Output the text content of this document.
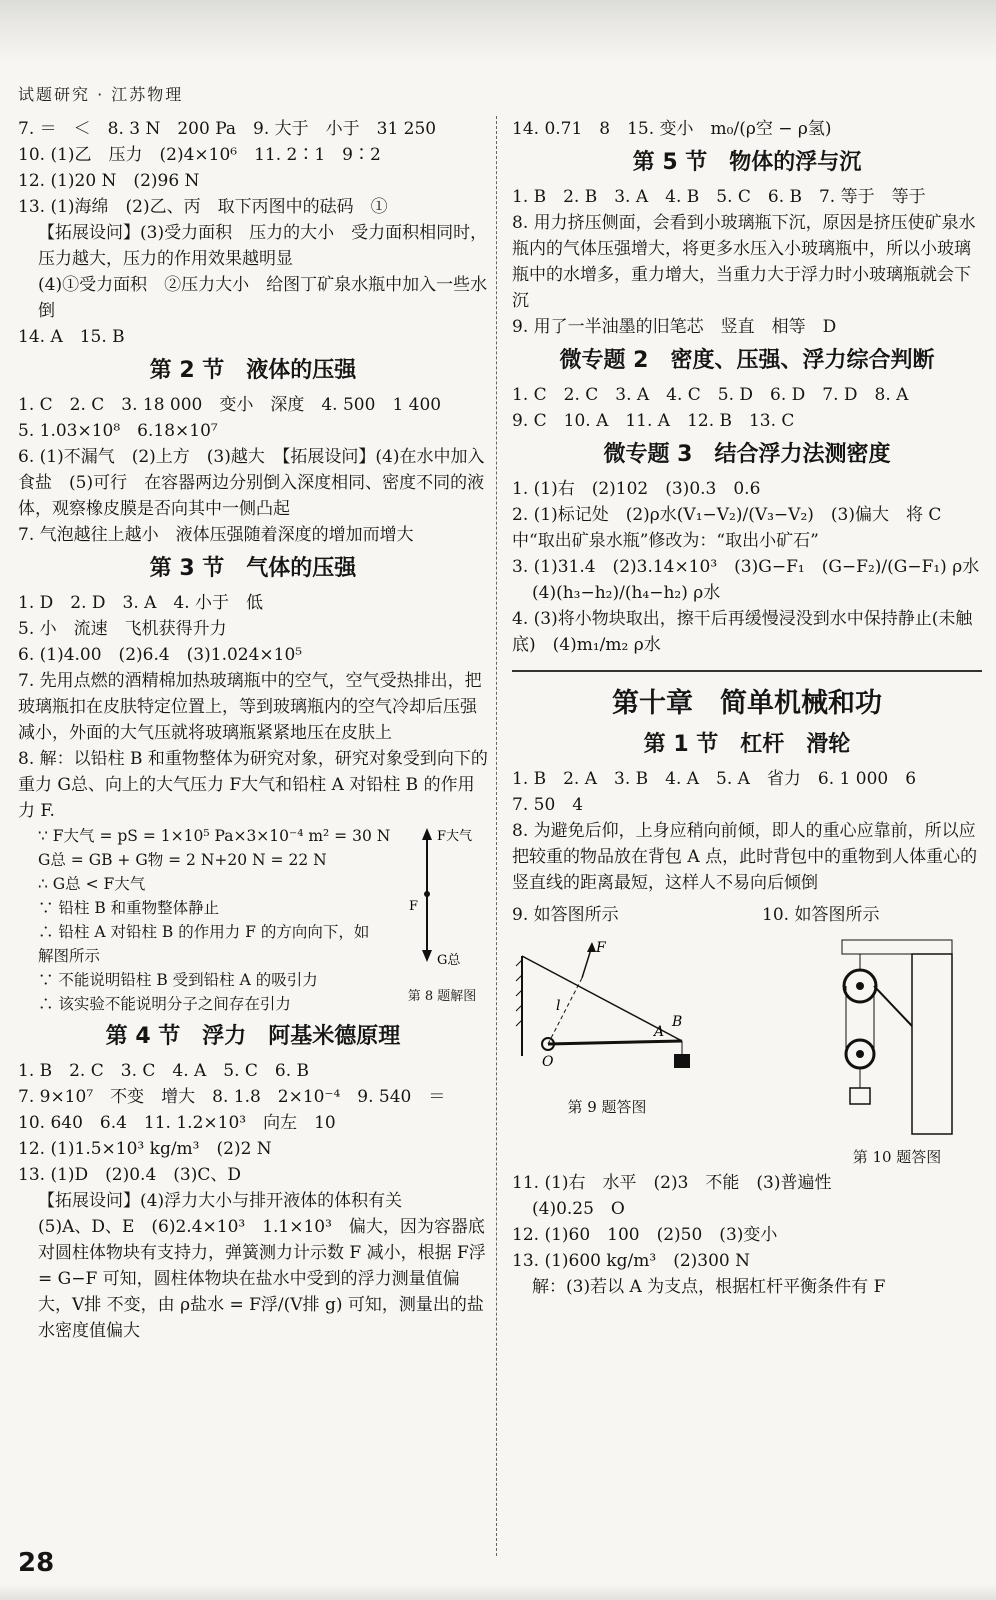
试题研究 · 江苏物理

7. ＝　＜　8. 3 N　200 Pa　9. 大于　小于　31 250

10. (1)乙　压力　(2)4×10⁶　11. 2∶1　9∶2

12. (1)20 N　(2)96 N

13. (1)海绵　(2)乙、丙　取下丙图中的砝码　①

【拓展设问】(3)受力面积　压力的大小　受力面积相同时，压力越大，压力的作用效果越明显

(4)①受力面积　②压力大小　给图丁矿泉水瓶中加入一些水　倒

14. A　15. B

第 2 节　液体的压强

1. C　2. C　3. 18 000　变小　深度　4. 500　1 400

5. 1.03×10⁸　6.18×10⁷

6. (1)不漏气　(2)上方　(3)越大　【拓展设问】(4)在水中加入食盐　(5)可行　在容器两边分别倒入深度相同、密度不同的液体，观察橡皮膜是否向其中一侧凸起

7. 气泡越往上越小　液体压强随着深度的增加而增大

第 3 节　气体的压强

1. D　2. D　3. A　4. 小于　低

5. 小　流速　飞机获得升力

6. (1)4.00　(2)6.4　(3)1.024×10⁵

7. 先用点燃的酒精棉加热玻璃瓶中的空气，空气受热排出，把玻璃瓶扣在皮肤特定位置上，等到玻璃瓶内的空气冷却后压强减小，外面的大气压就将玻璃瓶紧紧地压在皮肤上

8. 解：以铅柱 B 和重物整体为研究对象，研究对象受到向下的重力 G总、向上的大气压力 F大气和铅柱 A 对铅柱 B 的作用力 F.

∵ F大气 = pS = 1×10⁵ Pa×3×10⁻⁴ m² = 30 N

G总 = GB + G物 = 2 N+20 N = 22 N

∴ G总 < F大气

∵ 铅柱 B 和重物整体静止

∴ 铅柱 A 对铅柱 B 的作用力 F 的方向向下，如解图所示

∵ 不能说明铅柱 B 受到铅柱 A 的吸引力

∴ 该实验不能说明分子之间存在引力

F大气
F
G总
第 8 题解图
第 4 节　浮力　阿基米德原理

1. B　2. C　3. C　4. A　5. C　6. B

7. 9×10⁷　不变　增大　8. 1.8　2×10⁻⁴　9. 540　＝

10. 640　6.4　11. 1.2×10³　向左　10

12. (1)1.5×10³ kg/m³　(2)2 N

13. (1)D　(2)0.4　(3)C、D

【拓展设问】(4)浮力大小与排开液体的体积有关

(5)A、D、E　(6)2.4×10³　1.1×10³　偏大，因为容器底对圆柱体物块有支持力，弹簧测力计示数 F 减小，根据 F浮 = G−F 可知，圆柱体物块在盐水中受到的浮力测量值偏大，V排 不变，由 ρ盐水 = F浮/(V排 g) 可知，测量出的盐水密度值偏大

14. 0.71　8　15. 变小　m₀/(ρ空 − ρ氢)

第 5 节　物体的浮与沉

1. B　2. B　3. A　4. B　5. C　6. B　7. 等于　等于

8. 用力挤压侧面，会看到小玻璃瓶下沉，原因是挤压使矿泉水瓶内的气体压强增大，将更多水压入小玻璃瓶中，所以小玻璃瓶中的水增多，重力增大，当重力大于浮力时小玻璃瓶就会下沉

9. 用了一半油墨的旧笔芯　竖直　相等　D

微专题 2　密度、压强、浮力综合判断

1. C　2. C　3. A　4. C　5. D　6. D　7. D　8. A

9. C　10. A　11. A　12. B　13. C

微专题 3　结合浮力法测密度

1. (1)右　(2)102　(3)0.3　0.6

2. (1)标记处　(2)ρ水(V₁−V₂)/(V₃−V₂)　(3)偏大　将 C 中“取出矿泉水瓶”修改为：“取出小矿石”

3. (1)31.4　(2)3.14×10³　(3)G−F₁　(G−F₂)/(G−F₁) ρ水

(4)(h₃−h₂)/(h₄−h₂) ρ水

4. (3)将小物块取出，擦干后再缓慢浸没到水中保持静止(未触底)　(4)m₁/m₂ ρ水

第十章　简单机械和功
第 1 节　杠杆　滑轮

1. B　2. A　3. B　4. A　5. A　省力　6. 1 000　6

7. 50　4

8. 为避免后仰，上身应稍向前倾，即人的重心应靠前，所以应把较重的物品放在背包 A 点，此时背包中的重物到人体重心的竖直线的距离最短，这样人不易向后倾倒

9. 如答图所示	10. 如答图所示
F
l
A
B
O
第 9 题答图
第 10 题答图

11. (1)右　水平　(2)3　不能　(3)普遍性

(4)0.25　O

12. (1)60　100　(2)50　(3)变小

13. (1)600 kg/m³　(2)300 N

解：(3)若以 A 为支点，根据杠杆平衡条件有 F

28
